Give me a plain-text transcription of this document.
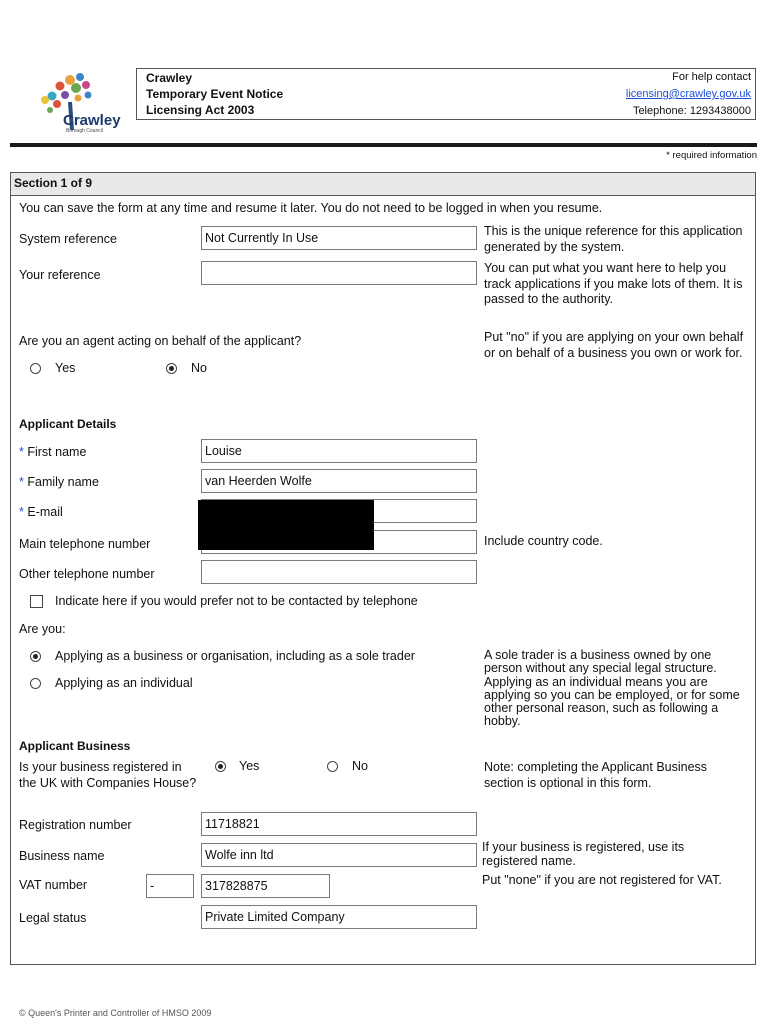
Crawley
Borough Council
Crawley
Temporary Event Notice
Licensing Act 2003
For help contact
licensing@crawley.gov.uk
Telephone: 1293438000
* required information
Section 1 of 9
You can save the form at any time and resume it later. You do not need to be logged in when you resume.
System reference	Not Currently In Use	This is the unique reference for this application generated by the system.
Your reference	You can put what you want here to help you track applications if you make lots of them. It is passed to the authority.
Are you an agent acting on behalf of the applicant?
Yes	No
Put "no" if you are applying on your own behalf or on behalf of a business you own or work for.
Applicant Details
* First name	Louise
* Family name	van Heerden Wolfe
* E-mail
Main telephone number	Include country code.
Other telephone number
Indicate here if you would prefer not to be contacted by telephone
Are you:
Applying as a business or organisation, including as a sole trader
Applying as an individual
A sole trader is a business owned by one person without any special legal structure. Applying as an individual means you are applying so you can be employed, or for some other personal reason, such as following a hobby.
Applicant Business
Is your business registered in the UK with Companies House?
Yes	No	Note: completing the Applicant Business section is optional in this form.
Registration number	11718821
Business name	Wolfe inn ltd
If your business is registered, use its registered name.
VAT number	-	317828875	Put "none" if you are not registered for VAT.
Legal status	Private Limited Company
© Queen's Printer and Controller of HMSO 2009
